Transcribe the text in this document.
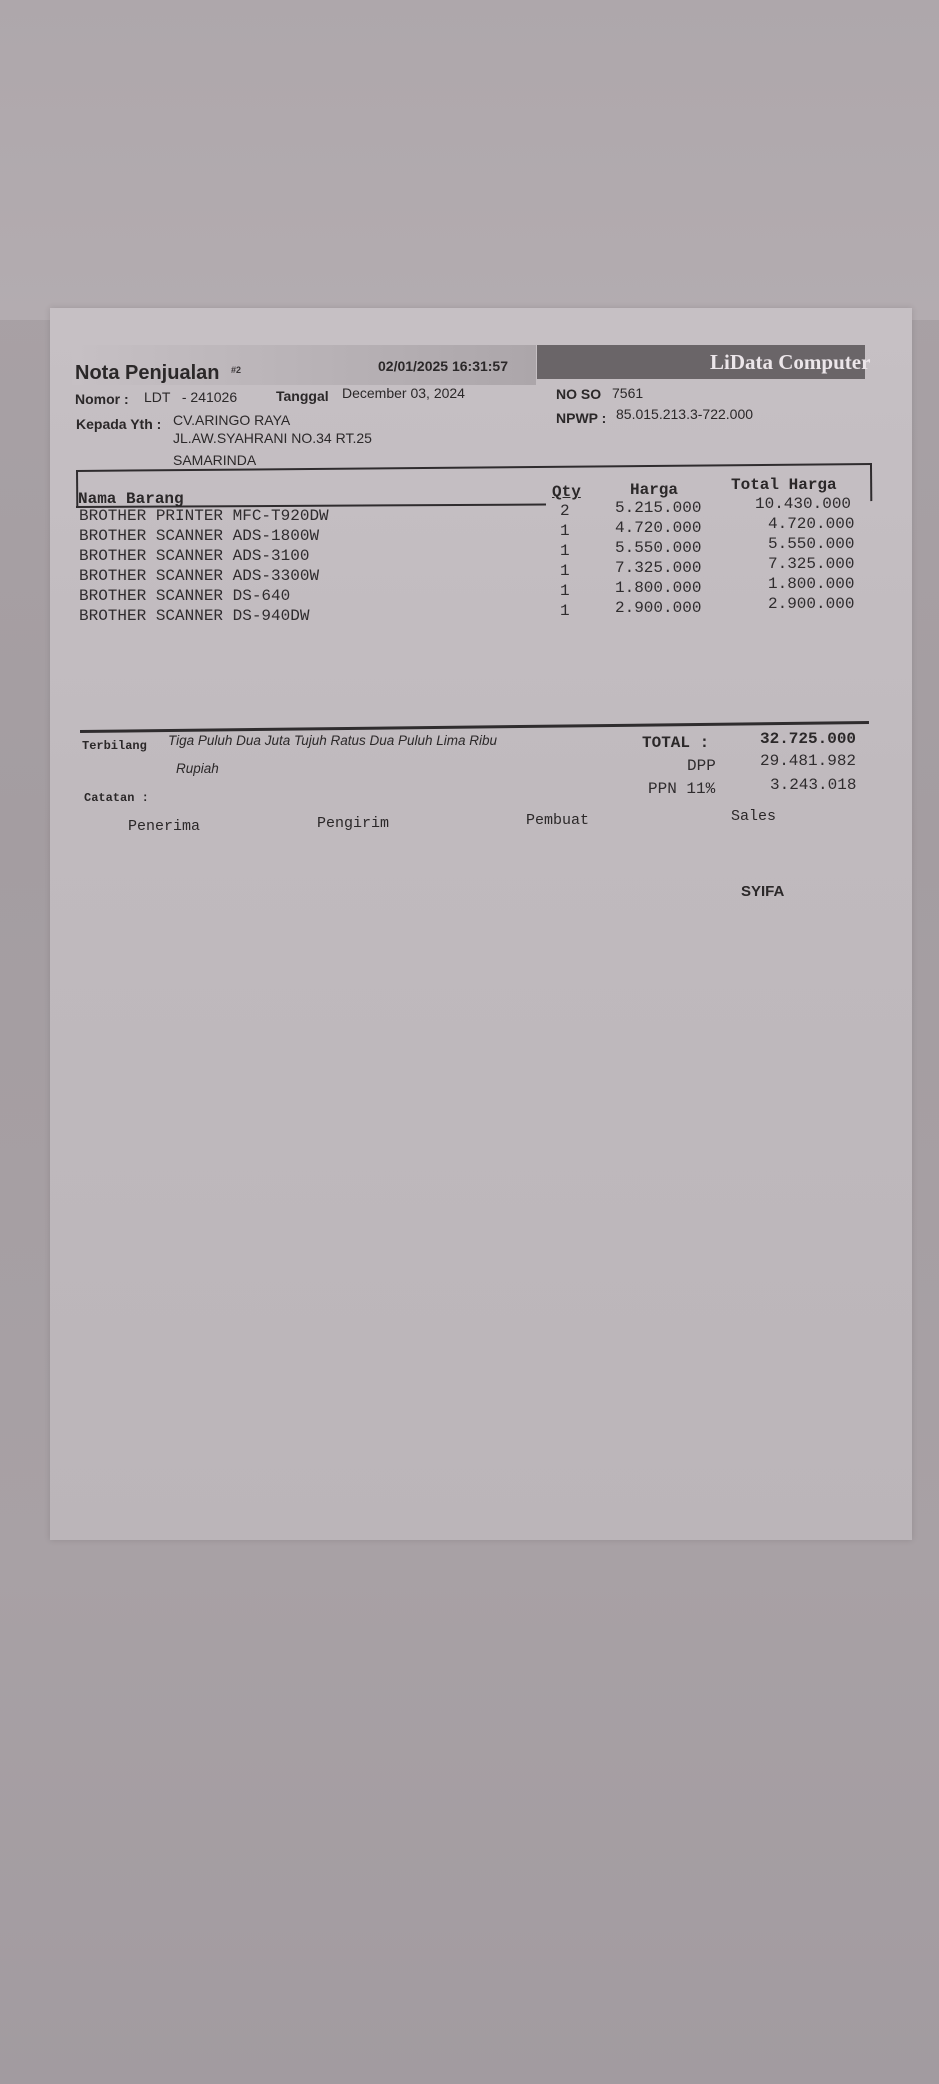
Nota Penjualan #2	02/01/2025 16:31:57	LiData Computer
Nomor : LDT   - 241026	Tanggal December 03, 2024	NO SO 7561
Kepada Yth : CV.ARINGO RAYA
JL.AW.SYAHRANI NO.34 RT.25
SAMARINDA
NPWP : 85.015.213.3-722.000
Nama Barang	Qty	Harga	Total Harga
BROTHER PRINTER MFC-T920DW	2	5.215.000	10.430.000
BROTHER SCANNER ADS-1800W	1	4.720.000	4.720.000
BROTHER SCANNER ADS-3100	1	5.550.000	5.550.000
BROTHER SCANNER ADS-3300W	1	7.325.000	7.325.000
BROTHER SCANNER DS-640	1	1.800.000	1.800.000
BROTHER SCANNER DS-940DW	1	2.900.000	2.900.000
Terbilang Tiga Puluh Dua Juta Tujuh Ratus Dua Puluh Lima Ribu
Rupiah
Catatan :
TOTAL :	32.725.000
DPP	29.481.982
PPN 11%	3.243.018
Penerima	Pengirim	Pembuat	Sales
SYIFA
